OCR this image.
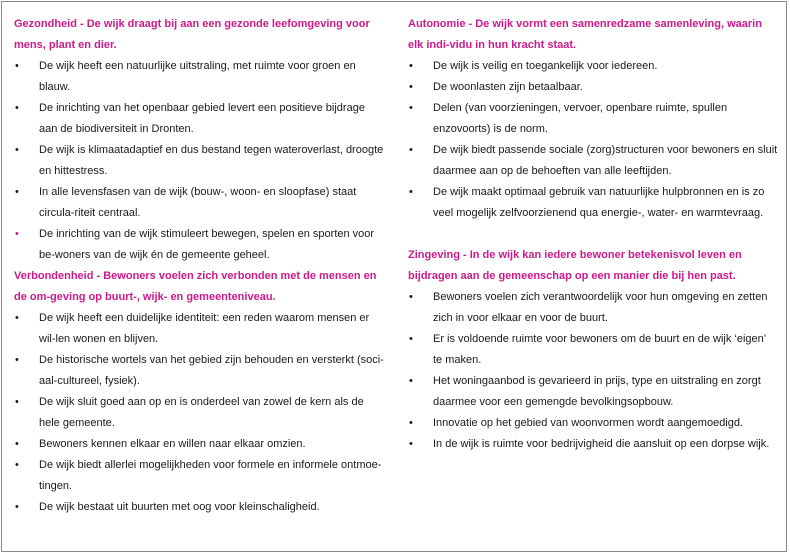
Gezondheid - De wijk draagt bij aan een gezonde leefomgeving voor mens, plant en dier.

• De wijk heeft een natuurlijke uitstraling, met ruimte voor groen en blauw.
• De inrichting van het openbaar gebied levert een positieve bijdrage aan de biodiversiteit in Dronten.
• De wijk is klimaatadaptief en dus bestand tegen wateroverlast, droogte en hittestress.
• In alle levensfasen van de wijk (bouw-, woon- en sloopfase) staat circula-riteit centraal.
• De inrichting van de wijk stimuleert bewegen, spelen en sporten voor be-woners van de wijk én de gemeente geheel.

Verbondenheid - Bewoners voelen zich verbonden met de mensen en de om-geving op buurt-, wijk- en gemeenteniveau.

• De wijk heeft een duidelijke identiteit: een reden waarom mensen er wil-len wonen en blijven.
• De historische wortels van het gebied zijn behouden en versterkt (soci-aal-cultureel, fysiek).
• De wijk sluit goed aan op en is onderdeel van zowel de kern als de hele gemeente.
• Bewoners kennen elkaar en willen naar elkaar omzien.
• De wijk biedt allerlei mogelijkheden voor formele en informele ontmoe-tingen.
• De wijk bestaat uit buurten met oog voor kleinschaligheid.

Autonomie - De wijk vormt een samenredzame samenleving, waarin elk indi-vidu in hun kracht staat.

• De wijk is veilig en toegankelijk voor iedereen.
• De woonlasten zijn betaalbaar.
• Delen (van voorzieningen, vervoer, openbare ruimte, spullen enzovoorts) is de norm.
• De wijk biedt passende sociale (zorg)structuren voor bewoners en sluit daarmee aan op de behoeften van alle leeftijden.
• De wijk maakt optimaal gebruik van natuurlijke hulpbronnen en is zo veel mogelijk zelfvoorzienend qua energie-, water- en warmtevraag.

Zingeving - In de wijk kan iedere bewoner betekenisvol leven en bijdragen aan de gemeenschap op een manier die bij hen past.

• Bewoners voelen zich verantwoordelijk voor hun omgeving en zetten zich in voor elkaar en voor de buurt.
• Er is voldoende ruimte voor bewoners om de buurt en de wijk ‘eigen’ te maken.
• Het woningaanbod is gevarieerd in prijs, type en uitstraling en zorgt daarmee voor een gemengde bevolkingsopbouw.
• Innovatie op het gebied van woonvormen wordt aangemoedigd.
• In de wijk is ruimte voor bedrijvigheid die aansluit op een dorpse wijk.
